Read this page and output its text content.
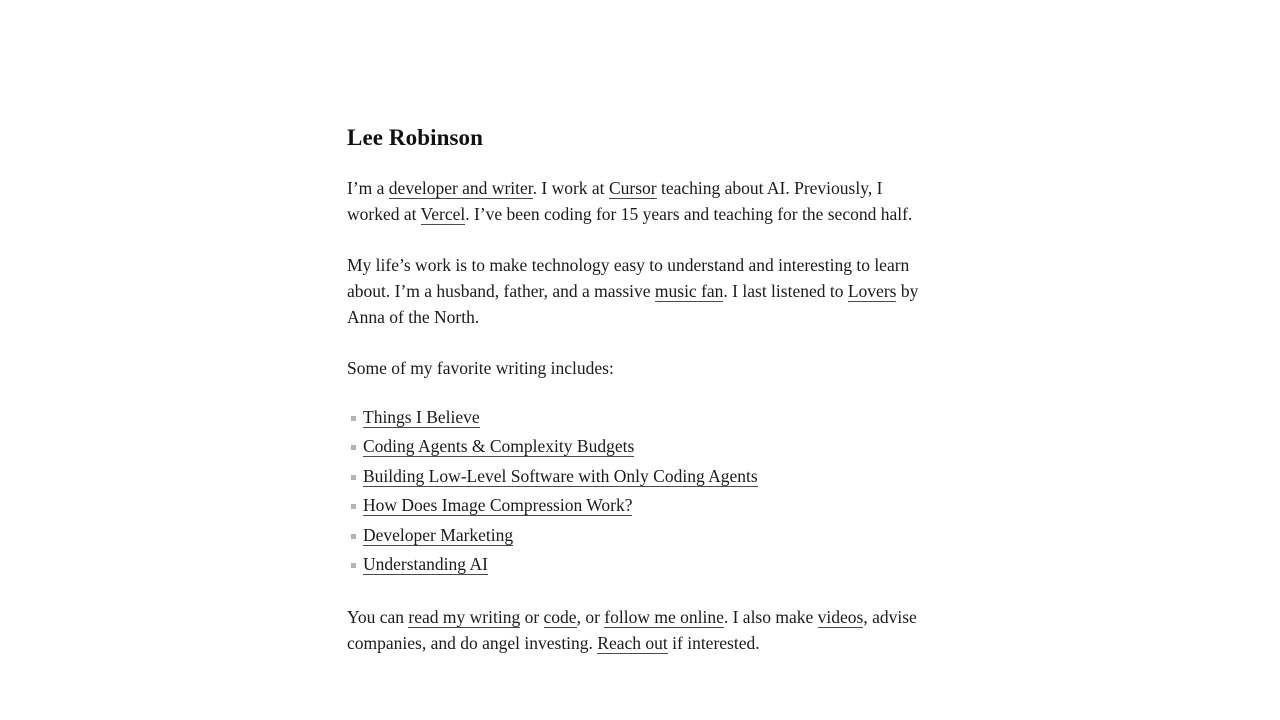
Lee Robinson

I’m a developer and writer. I work at Cursor teaching about AI. Previously, I worked at Vercel. I’ve been coding for 15 years and teaching for the second half.

My life’s work is to make technology easy to understand and interesting to learn about. I’m a husband, father, and a massive music fan. I last listened to Lovers by Anna of the North.

Some of my favorite writing includes:

Things I Believe
Coding Agents & Complexity Budgets
Building Low-Level Software with Only Coding Agents
How Does Image Compression Work?
Developer Marketing
Understanding AI

You can read my writing or code, or follow me online. I also make videos, advise companies, and do angel investing. Reach out if interested.
